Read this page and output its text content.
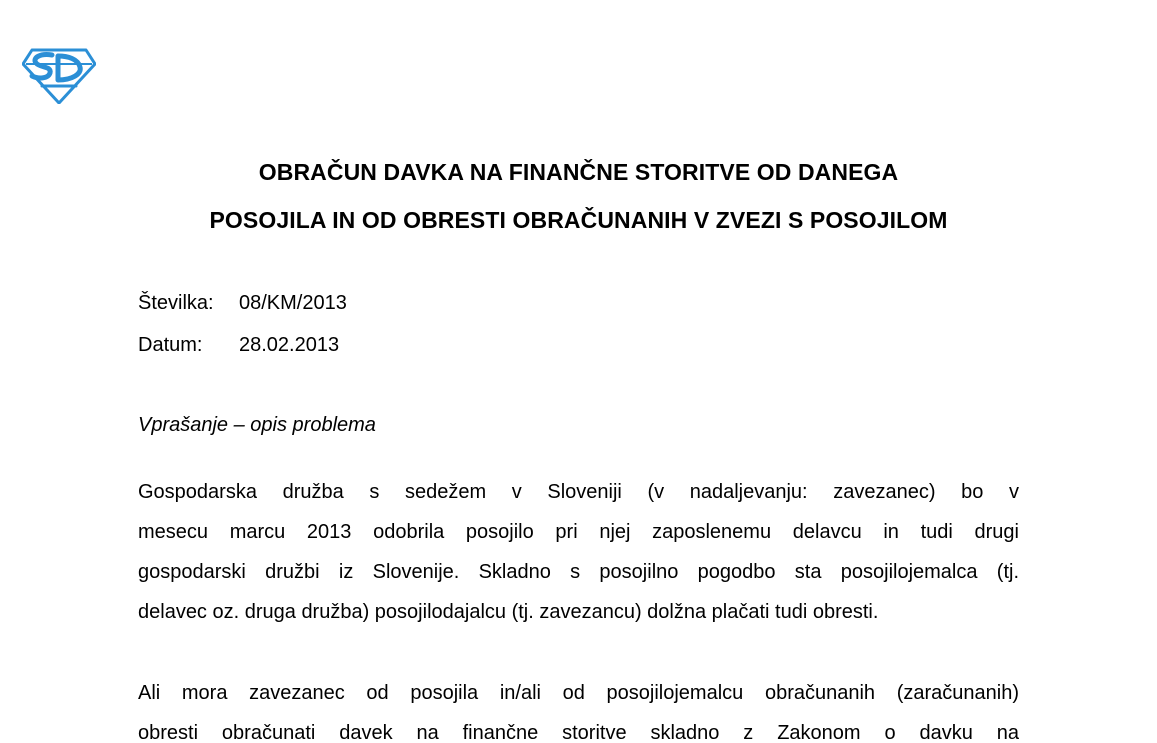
OBRAČUN DAVKA NA FINANČNE STORITVE OD DANEGA
POSOJILA IN OD OBRESTI OBRAČUNANIH V ZVEZI S POSOJILOM
Številka: 08/KM/2013
Datum: 28.02.2013
Vprašanje – opis problema
Gospodarska družba s sedežem v Sloveniji (v nadaljevanju: zavezanec) bo v
mesecu marcu 2013 odobrila posojilo pri njej zaposlenemu delavcu in tudi drugi
gospodarski družbi iz Slovenije. Skladno s posojilno pogodbo sta posojilojemalca (tj.
delavec oz. druga družba) posojilodajalcu (tj. zavezancu) dolžna plačati tudi obresti.
Ali mora zavezanec od posojila in/ali od posojilojemalcu obračunanih (zaračunanih)
obresti obračunati davek na finančne storitve skladno z Zakonom o davku na
